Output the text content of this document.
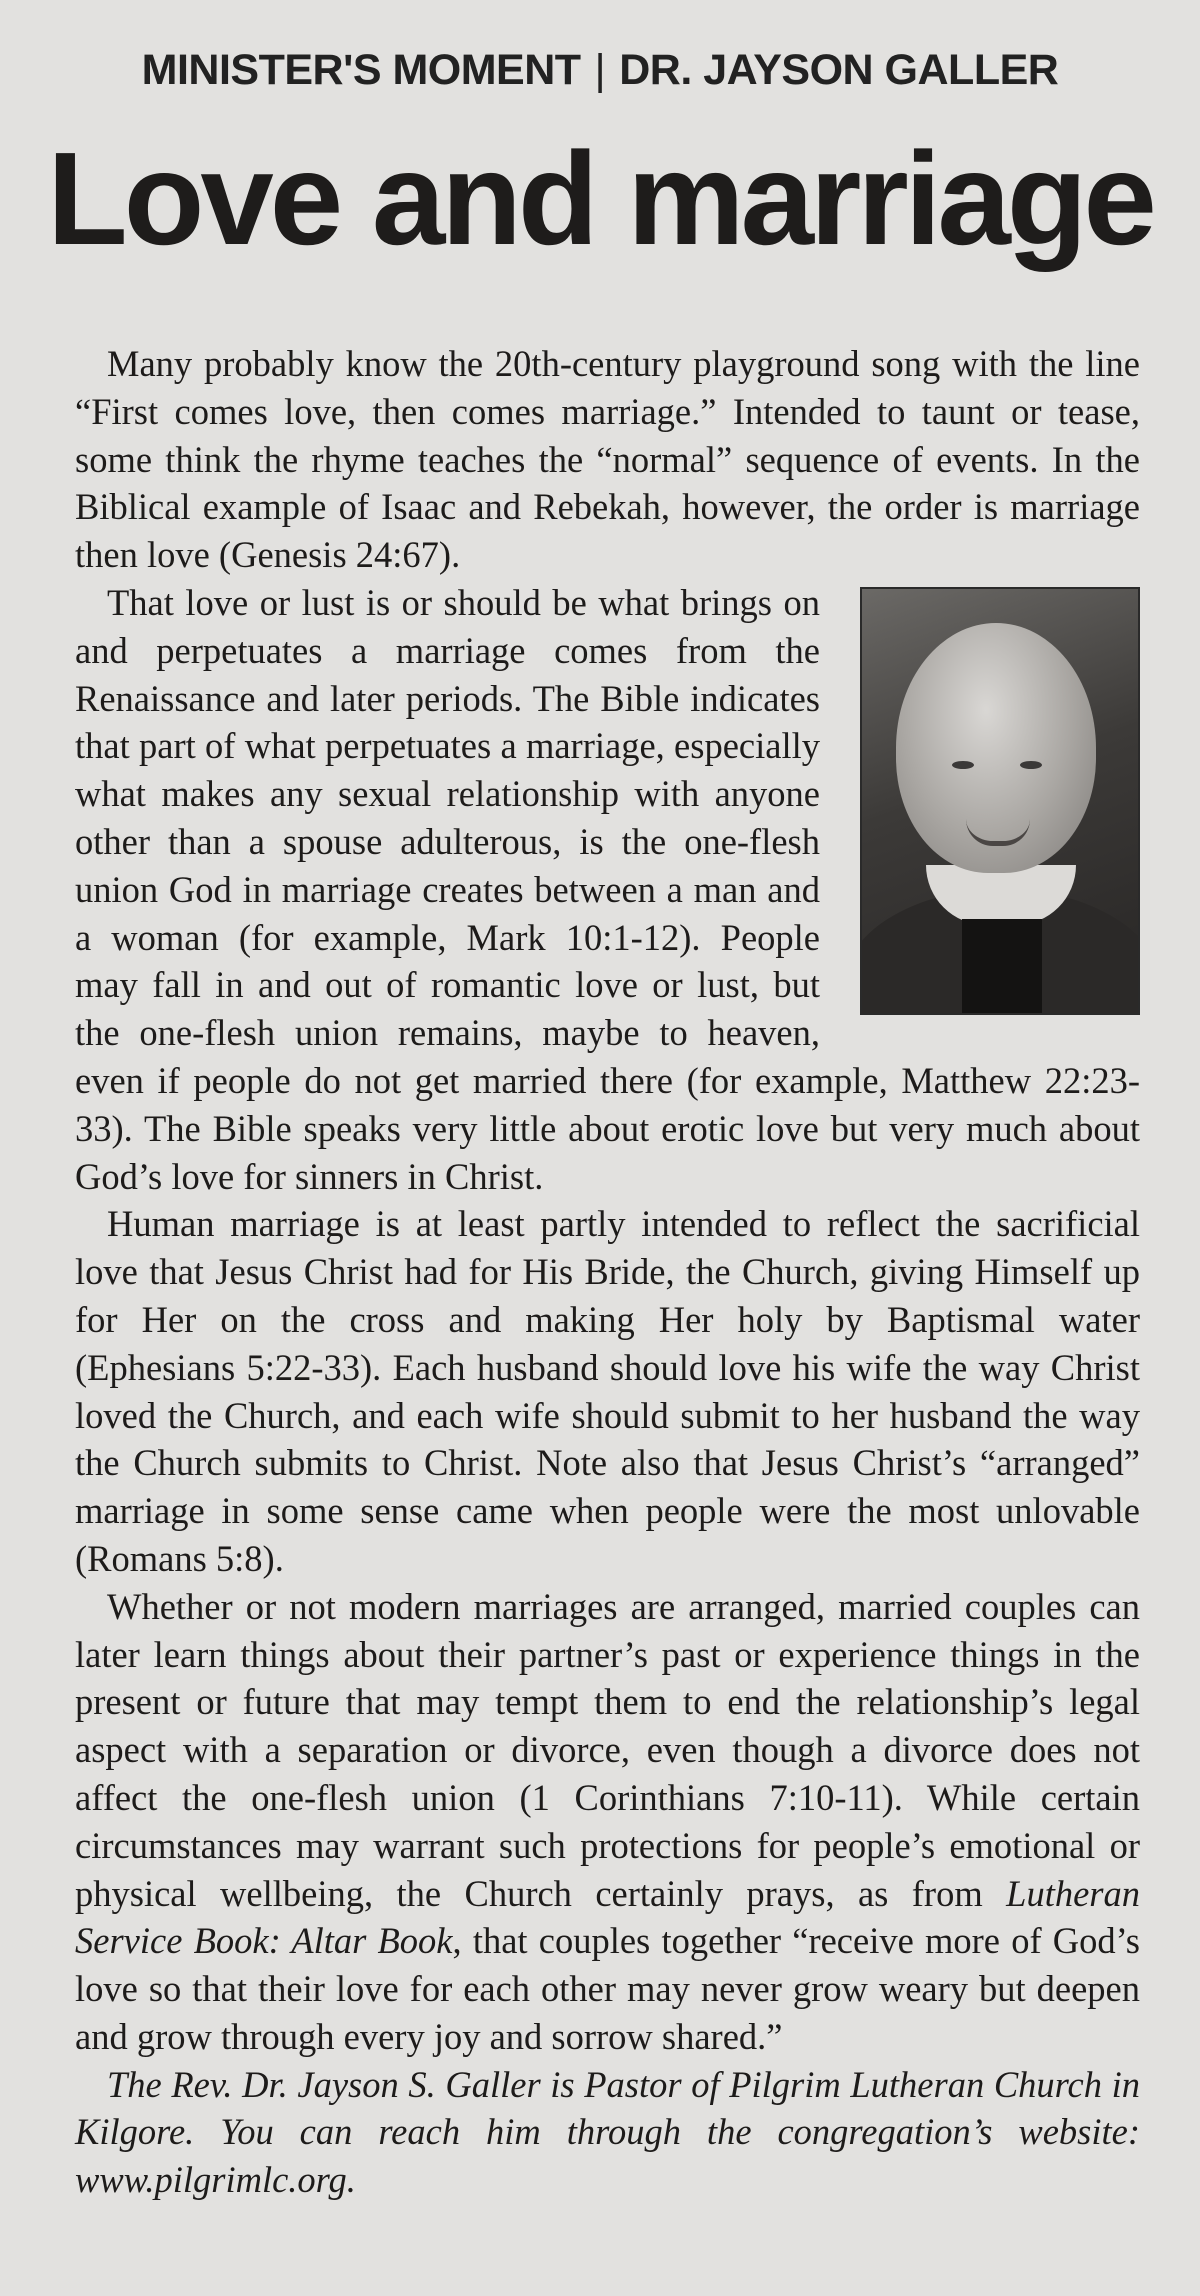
MINISTER'S MOMENT | DR. JAYSON GALLER
Love and marriage

Many probably know the 20th-century playground song with the line “First comes love, then comes marriage.” Intended to taunt or tease, some think the rhyme teaches the “normal” sequence of events. In the Biblical example of Isaac and Rebekah, however, the order is marriage then love (Genesis 24:67).

That love or lust is or should be what brings on and perpetuates a marriage comes from the Renaissance and later periods. The Bible indicates that part of what perpetuates a marriage, especially what makes any sexual relationship with anyone other than a spouse adulterous, is the one-flesh union God in marriage creates between a man and a woman (for example, Mark 10:1-12). People may fall in and out of romantic love or lust, but the one-flesh union remains, maybe to heaven, even if people do not get married there (for example, Matthew 22:23-33). The Bible speaks very little about erotic love but very much about God’s love for sinners in Christ.

Human marriage is at least partly intended to reflect the sacrificial love that Jesus Christ had for His Bride, the Church, giving Himself up for Her on the cross and making Her holy by Baptismal water (Ephesians 5:22-33). Each husband should love his wife the way Christ loved the Church, and each wife should submit to her husband the way the Church submits to Christ. Note also that Jesus Christ’s “arranged” marriage in some sense came when people were the most unlovable (Romans 5:8).

Whether or not modern marriages are arranged, married couples can later learn things about their partner’s past or experience things in the present or future that may tempt them to end the relationship’s legal aspect with a separation or divorce, even though a divorce does not affect the one-flesh union (1 Corinthians 7:10-11). While certain circumstances may warrant such protections for people’s emotional or physical wellbeing, the Church certainly prays, as from Lutheran Service Book: Altar Book, that couples together “receive more of God’s love so that their love for each other may never grow weary but deepen and grow through every joy and sorrow shared.”

The Rev. Dr. Jayson S. Galler is Pastor of Pilgrim Lutheran Church in Kilgore. You can reach him through the congregation’s website: www.pilgrimlc.org.
